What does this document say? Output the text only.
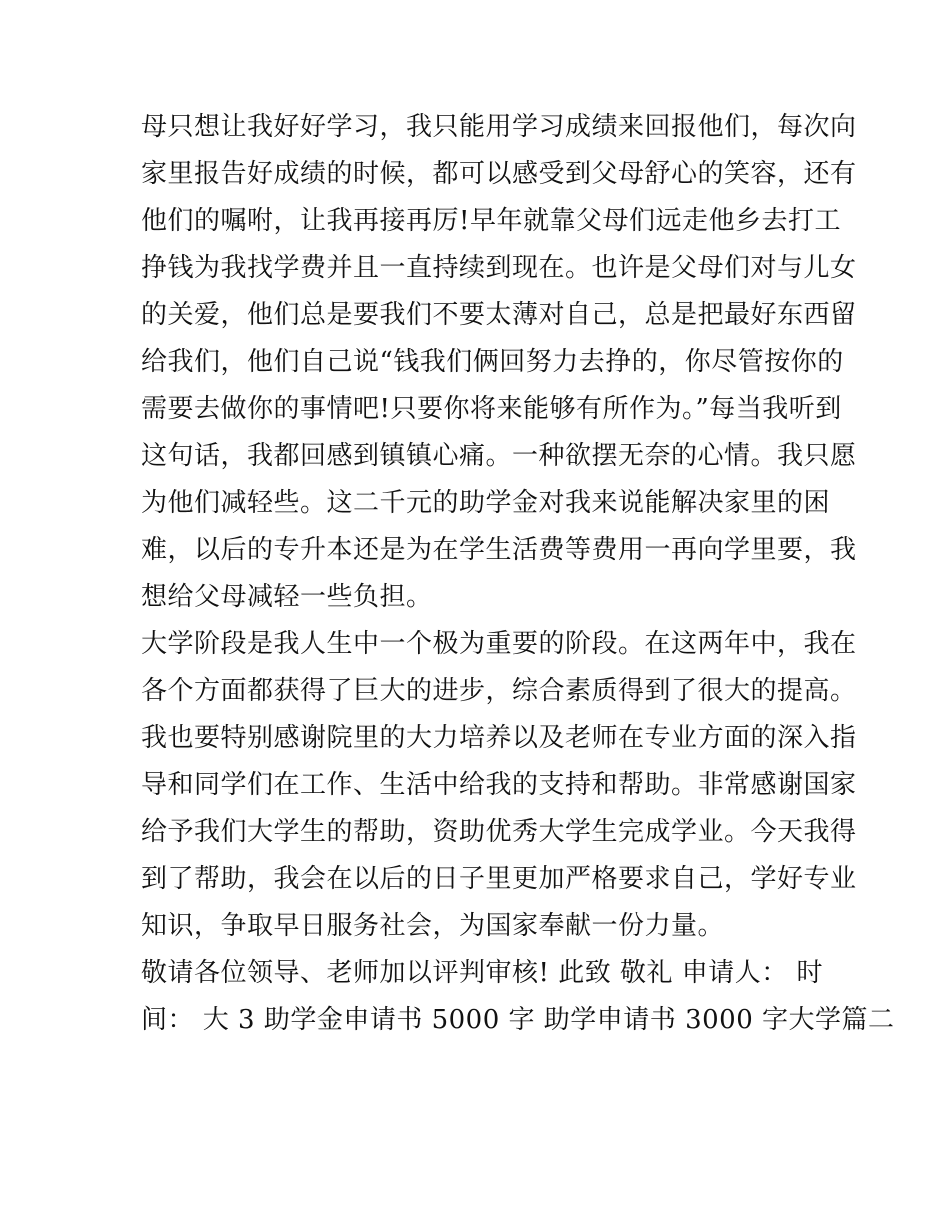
母只想让我好好学习，我只能用学习成绩来回报他们，每次向
家里报告好成绩的时候，都可以感受到父母舒心的笑容，还有
他们的嘱咐，让我再接再厉!早年就靠父母们远走他乡去打工
挣钱为我找学费并且一直持续到现在。也许是父母们对与儿女
的关爱，他们总是要我们不要太薄对自己，总是把最好东西留
给我们，他们自己说“钱我们俩回努力去挣的，你尽管按你的
需要去做你的事情吧!只要你将来能够有所作为。”每当我听到
这句话，我都回感到镇镇心痛。一种欲摆无奈的心情。我只愿
为他们减轻些。这二千元的助学金对我来说能解决家里的困
难，以后的专升本还是为在学生活费等费用一再向学里要，我
想给父母减轻一些负担。
大学阶段是我人生中一个极为重要的阶段。在这两年中，我在
各个方面都获得了巨大的进步，综合素质得到了很大的提高。
我也要特别感谢院里的大力培养以及老师在专业方面的深入指
导和同学们在工作、生活中给我的支持和帮助。非常感谢国家
给予我们大学生的帮助，资助优秀大学生完成学业。今天我得
到了帮助，我会在以后的日子里更加严格要求自己，学好专业
知识，争取早日服务社会，为国家奉献一份力量。
敬请各位领导、老师加以评判审核! 此致 敬礼 申请人： 时
间： 大 3 助学金申请书 5000 字 助学申请书 3000 字大学篇二
